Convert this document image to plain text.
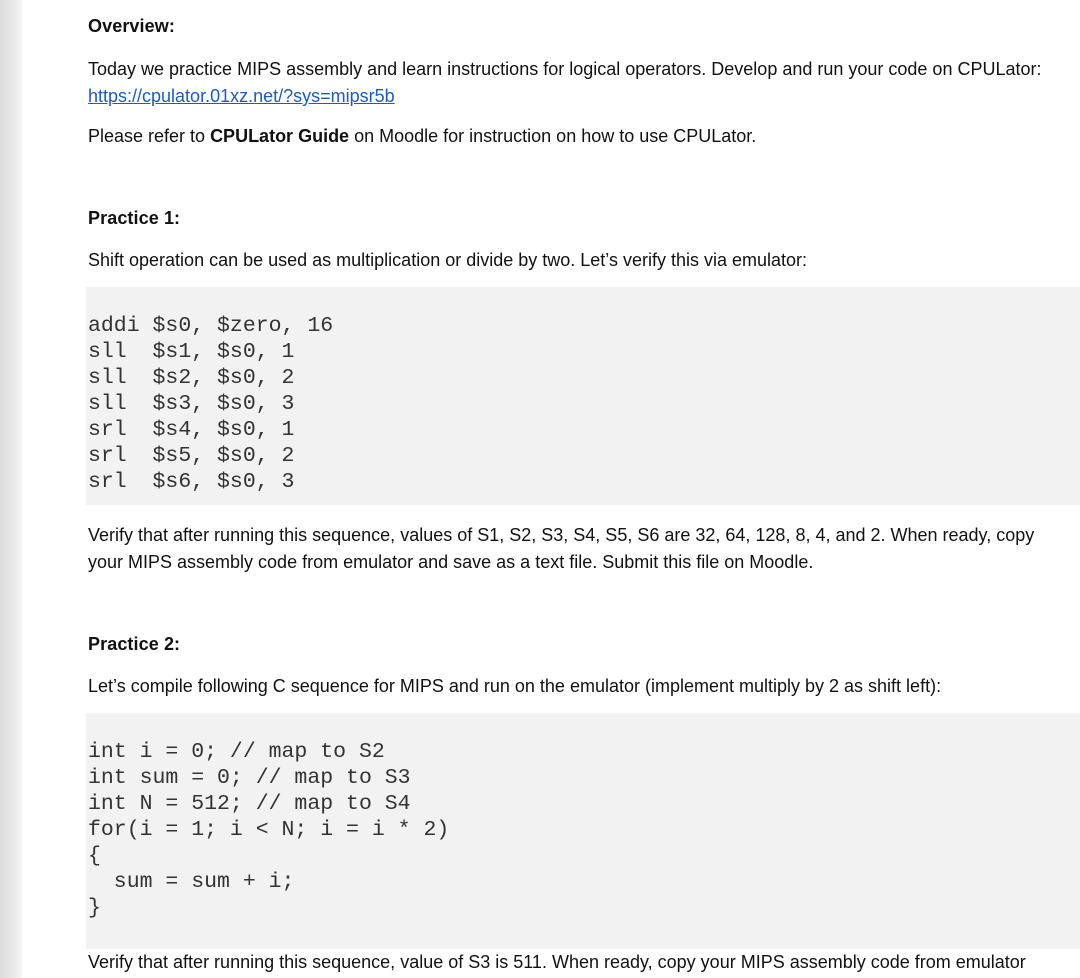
Overview:
Today we practice MIPS assembly and learn instructions for logical operators. Develop and run your code on CPULator:
https://cpulator.01xz.net/?sys=mipsr5b
Please refer to CPULator Guide on Moodle for instruction on how to use CPULator.
Practice 1:
Shift operation can be used as multiplication or divide by two. Let’s verify this via emulator:
addi $s0, $zero, 16
sll  $s1, $s0, 1
sll  $s2, $s0, 2
sll  $s3, $s0, 3
srl  $s4, $s0, 1
srl  $s5, $s0, 2
srl  $s6, $s0, 3
Verify that after running this sequence, values of S1, S2, S3, S4, S5, S6 are 32, 64, 128, 8, 4, and 2. When ready, copy
your MIPS assembly code from emulator and save as a text file. Submit this file on Moodle.
Practice 2:
Let’s compile following C sequence for MIPS and run on the emulator (implement multiply by 2 as shift left):
int i = 0; // map to S2
int sum = 0; // map to S3
int N = 512; // map to S4
for(i = 1; i < N; i = i * 2)
{
sum = sum + i;
}
Verify that after running this sequence, value of S3 is 511. When ready, copy your MIPS assembly code from emulator
